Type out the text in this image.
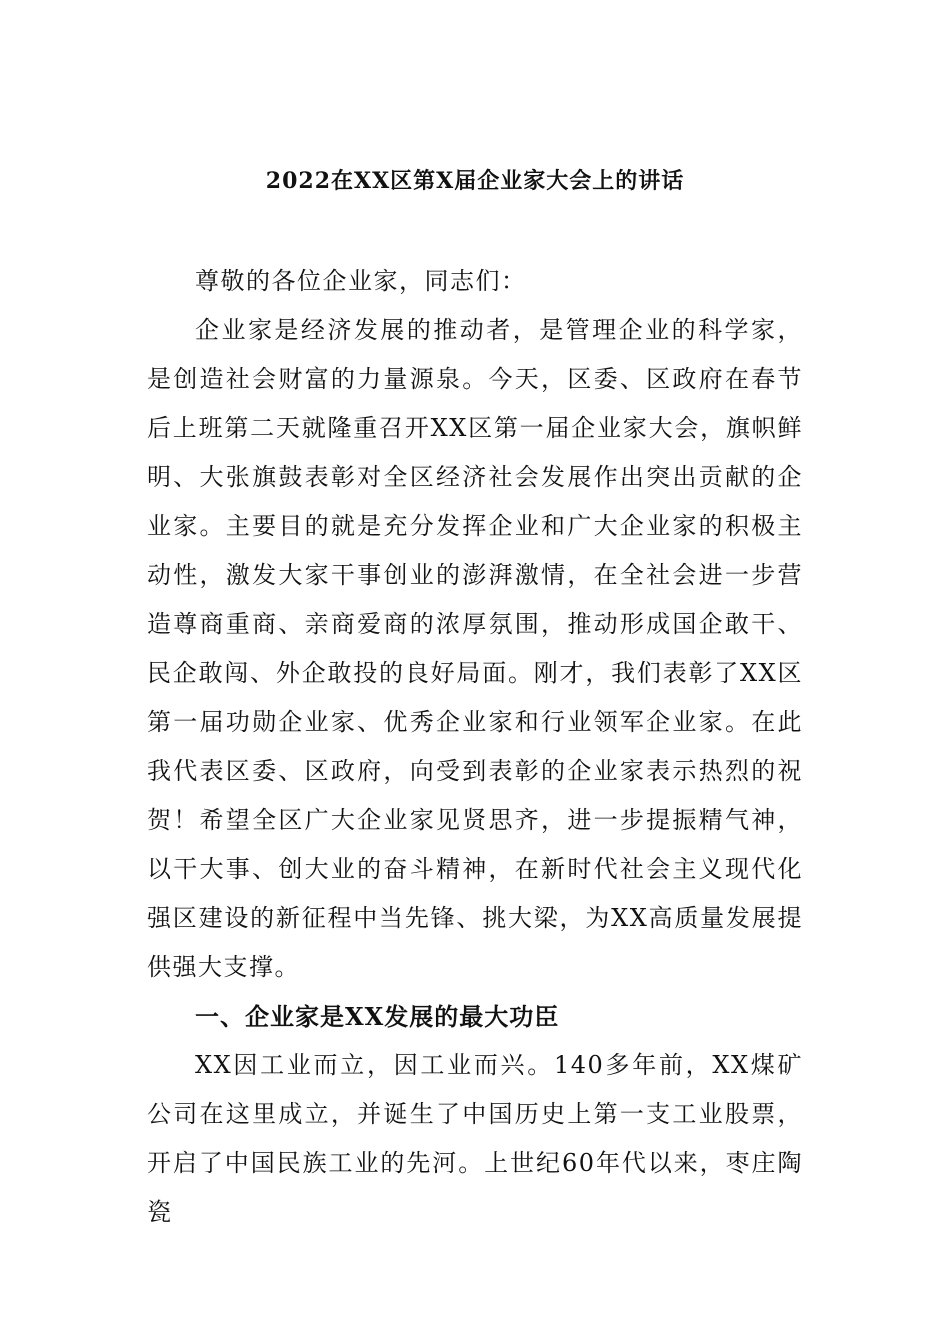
2022在XX区第X届企业家大会上的讲话

尊敬的各位企业家，同志们：

企业家是经济发展的推动者，是管理企业的科学家，是创造社会财富的力量源泉。今天，区委、区政府在春节后上班第二天就隆重召开XX区第一届企业家大会，旗帜鲜明、大张旗鼓表彰对全区经济社会发展作出突出贡献的企业家。主要目的就是充分发挥企业和广大企业家的积极主动性，激发大家干事创业的澎湃激情，在全社会进一步营造尊商重商、亲商爱商的浓厚氛围，推动形成国企敢干、民企敢闯、外企敢投的良好局面。刚才，我们表彰了XX区第一届功勋企业家、优秀企业家和行业领军企业家。在此我代表区委、区政府，向受到表彰的企业家表示热烈的祝贺！希望全区广大企业家见贤思齐，进一步提振精气神，以干大事、创大业的奋斗精神，在新时代社会主义现代化强区建设的新征程中当先锋、挑大梁，为XX高质量发展提供强大支撑。

一、企业家是XX发展的最大功臣

XX因工业而立，因工业而兴。140多年前，XX煤矿公司在这里成立，并诞生了中国历史上第一支工业股票，开启了中国民族工业的先河。上世纪60年代以来，枣庄陶瓷
